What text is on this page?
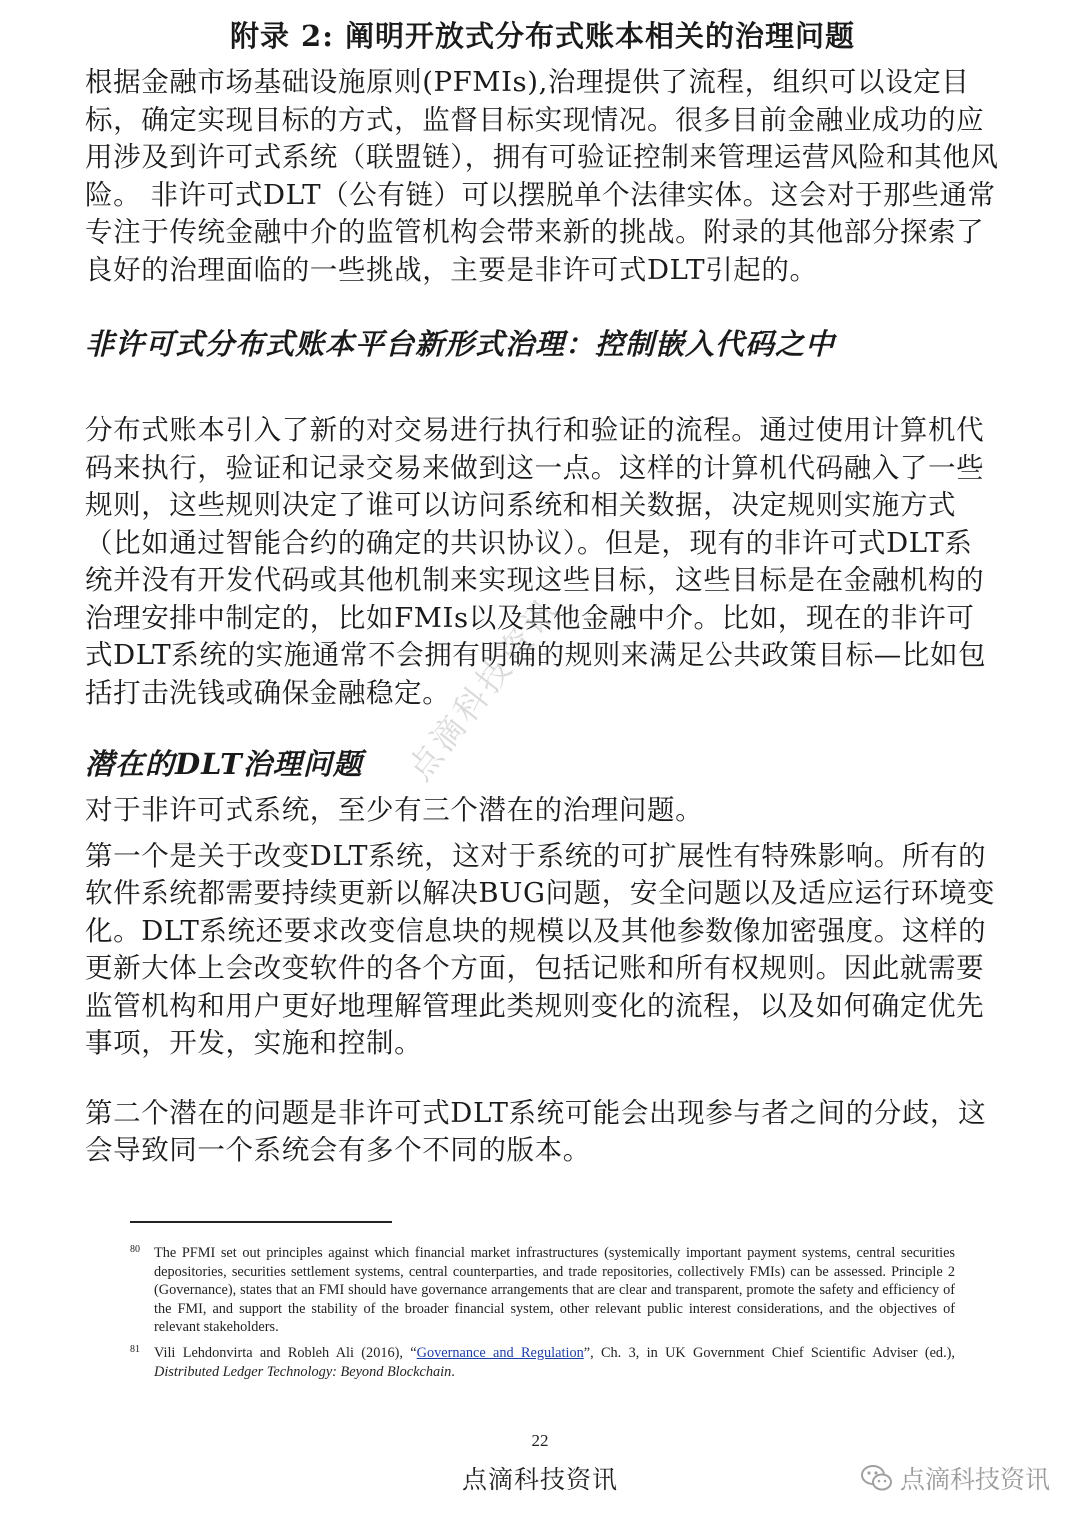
附录 2: 阐明开放式分布式账本相关的治理问题

根据金融市场基础设施原则(PFMIs),治理提供了流程，组织可以设定目标，确定实现目标的方式，监督目标实现情况。很多目前金融业成功的应用涉及到许可式系统（联盟链），拥有可验证控制来管理运营风险和其他风险。 非许可式DLT（公有链）可以摆脱单个法律实体。这会对于那些通常专注于传统金融中介的监管机构会带来新的挑战。附录的其他部分探索了良好的治理面临的一些挑战，主要是非许可式DLT引起的。

非许可式分布式账本平台新形式治理：控制嵌入代码之中

分布式账本引入了新的对交易进行执行和验证的流程。通过使用计算机代码来执行，验证和记录交易来做到这一点。这样的计算机代码融入了一些规则，这些规则决定了谁可以访问系统和相关数据，决定规则实施方式（比如通过智能合约的确定的共识协议）。但是，现有的非许可式DLT系统并没有开发代码或其他机制来实现这些目标，这些目标是在金融机构的治理安排中制定的，比如FMIs以及其他金融中介。比如，现在的非许可式DLT系统的实施通常不会拥有明确的规则来满足公共政策目标—比如包括打击洗钱或确保金融稳定。

潜在的DLT治理问题

对于非许可式系统，至少有三个潜在的治理问题。

第一个是关于改变DLT系统，这对于系统的可扩展性有特殊影响。所有的软件系统都需要持续更新以解决BUG问题，安全问题以及适应运行环境变化。DLT系统还要求改变信息块的规模以及其他参数像加密强度。这样的更新大体上会改变软件的各个方面，包括记账和所有权规则。因此就需要监管机构和用户更好地理解管理此类规则变化的流程，以及如何确定优先事项，开发，实施和控制。

第二个潜在的问题是非许可式DLT系统可能会出现参与者之间的分歧，这会导致同一个系统会有多个不同的版本。

点滴科技资讯
80 The PFMI set out principles against which financial market infrastructures (systemically important payment systems, central securities depositories, securities settlement systems, central counterparties, and trade repositories, collectively FMIs) can be assessed. Principle 2 (Governance), states that an FMI should have governance arrangements that are clear and transparent, promote the safety and efficiency of the FMI, and support the stability of the broader financial system, other relevant public interest considerations, and the objectives of relevant stakeholders.
81 Vili Lehdonvirta and Robleh Ali (2016), “Governance and Regulation”, Ch. 3, in UK Government Chief Scientific Adviser (ed.), Distributed Ledger Technology: Beyond Blockchain.
22
点滴科技资讯	点滴科技资讯
